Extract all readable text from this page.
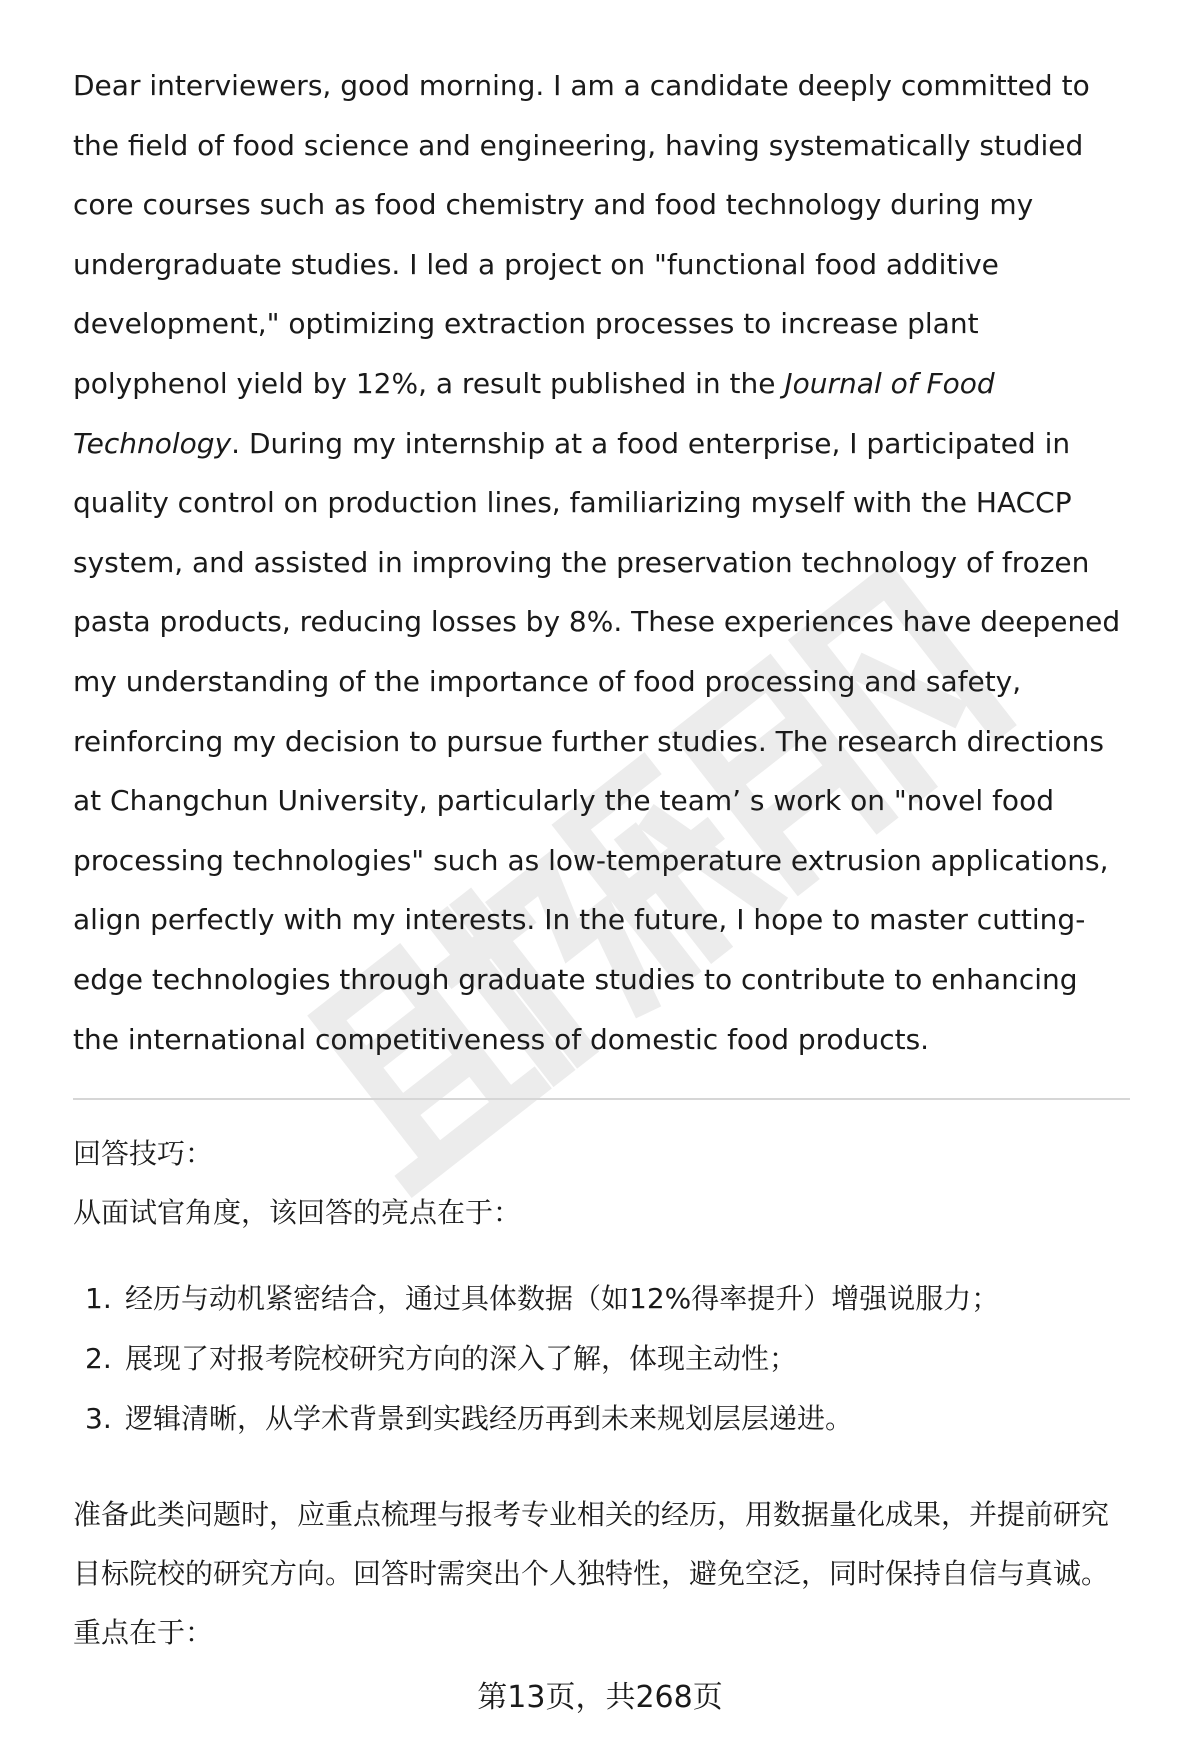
Dear interviewers, good morning. I am a candidate deeply committed to the field of food science and engineering, having systematically studied core courses such as food chemistry and food technology during my undergraduate studies. I led a project on "functional food additive development," optimizing extraction processes to increase plant polyphenol yield by 12%, a result published in the Journal of Food Technology. During my internship at a food enterprise, I participated in quality control on production lines, familiarizing myself with the HACCP system, and assisted in improving the preservation technology of frozen pasta products, reducing losses by 8%. These experiences have deepened my understanding of the importance of food processing and safety, reinforcing my decision to pursue further studies. The research directions at Changchun University, particularly the team’ s work on "novel food processing technologies" such as low-temperature extrusion applications, align perfectly with my interests. In the future, I hope to master cutting-edge technologies through graduate studies to contribute to enhancing the international competitiveness of domestic food products.

回答技巧：

从面试官角度，该回答的亮点在于：

1. 经历与动机紧密结合，通过具体数据（如12%得率提升）增强说服力；
2. 展现了对报考院校研究方向的深入了解，体现主动性；
3. 逻辑清晰，从学术背景到实践经历再到未来规划层层递进。

准备此类问题时，应重点梳理与报考专业相关的经历，用数据量化成果，并提前研究目标院校的研究方向。回答时需突出个人独特性，避免空泛，同时保持自信与真诚。重点在于：

第13页，共268页
